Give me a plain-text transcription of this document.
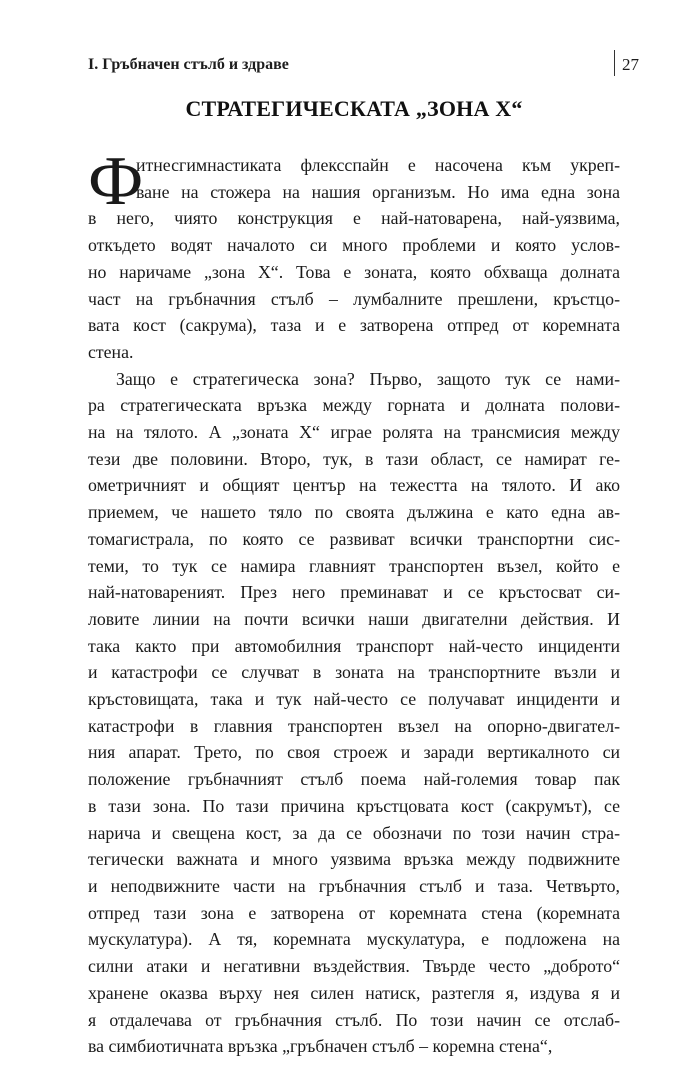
I. Гръбначен стълб и здраве	27
СТРАТЕГИЧЕСКАТА „ЗОНА Х“
Ф
итнесгимнастиката флексспайн е насочена към укреп-
ване на стожера на нашия организъм. Но има една зона
в него, чиято конструкция е най-натоварена, най-уязвима,
откъдето водят началото си много проблеми и която услов-
но наричаме „зона Х“. Това е зоната, която обхваща долната
част на гръбначния стълб – лумбалните прешлени, кръстцо-
вата кост (сакрума), таза и е затворена отпред от коремната
стена.
Защо е стратегическа зона? Първо, защото тук се нами-
ра стратегическата връзка между горната и долната полови-
на на тялото. А „зоната Х“ играе ролята на трансмисия между
тези две половини. Второ, тук, в тази област, се намират ге-
ометричният и общият център на тежестта на тялото. И ако
приемем, че нашето тяло по своята дължина е като една ав-
томагистрала, по която се развиват всички транспортни сис-
теми, то тук се намира главният транспортен възел, който е
най-натовареният. През него преминават и се кръстосват си-
ловите линии на почти всички наши двигателни действия. И
така както при автомобилния транспорт най-често инциденти
и катастрофи се случват в зоната на транспортните възли и
кръстовищата, така и тук най-често се получават инциденти и
катастрофи в главния транспортен възел на опорно-двигател-
ния апарат. Трето, по своя строеж и заради вертикалното си
положение гръбначният стълб поема най-големия товар пак
в тази зона. По тази причина кръстцовата кост (сакрумът), се
нарича и свещена кост, за да се обозначи по този начин стра-
тегически важната и много уязвима връзка между подвижните
и неподвижните части на гръбначния стълб и таза. Четвърто,
отпред тази зона е затворена от коремната стена (коремната
мускулатура). А тя, коремната мускулатура, е подложена на
силни атаки и негативни въздействия. Твърде често „доброто“
хранене оказва върху нея силен натиск, разтегля я, издува я и
я отдалечава от гръбначния стълб. По този начин се отслаб-
ва симбиотичната връзка „гръбначен стълб – коремна стена“,
